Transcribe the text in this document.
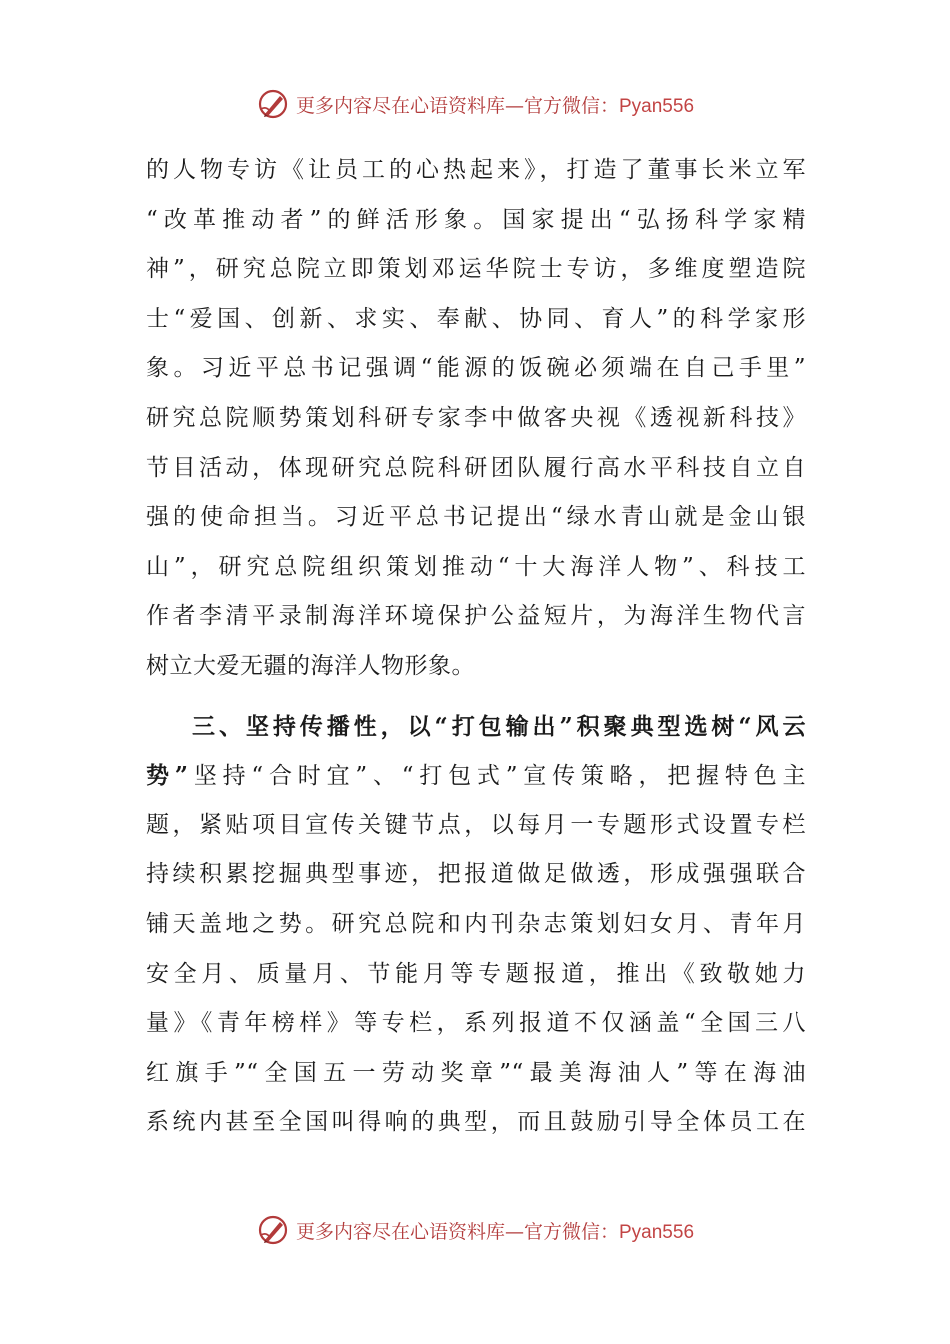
更多内容尽在心语资料库—官方微信：Pyan556
的人物专访《让员工的心热起来》，打造了董事长米立军
“改革推动者”的鲜活形象。国家提出“弘扬科学家精
神”，研究总院立即策划邓运华院士专访，多维度塑造院
士“爱国、创新、求实、奉献、协同、育人”的科学家形
象。习近平总书记强调“能源的饭碗必须端在自己手里”
研究总院顺势策划科研专家李中做客央视《透视新科技》
节目活动，体现研究总院科研团队履行高水平科技自立自
强的使命担当。习近平总书记提出“绿水青山就是金山银
山”，研究总院组织策划推动“十大海洋人物”、科技工
作者李清平录制海洋环境保护公益短片，为海洋生物代言
树立大爱无疆的海洋人物形象。
三、坚持传播性，以“打包输出”积聚典型选树“风云
势”坚持“合时宜”、“打包式”宣传策略，把握特色主
题，紧贴项目宣传关键节点，以每月一专题形式设置专栏
持续积累挖掘典型事迹，把报道做足做透，形成强强联合
铺天盖地之势。研究总院和内刊杂志策划妇女月、青年月
安全月、质量月、节能月等专题报道，推出《致敬她力
量》《青年榜样》等专栏，系列报道不仅涵盖“全国三八
红旗手”“全国五一劳动奖章”“最美海油人”等在海油
系统内甚至全国叫得响的典型，而且鼓励引导全体员工在
更多内容尽在心语资料库—官方微信：Pyan556
